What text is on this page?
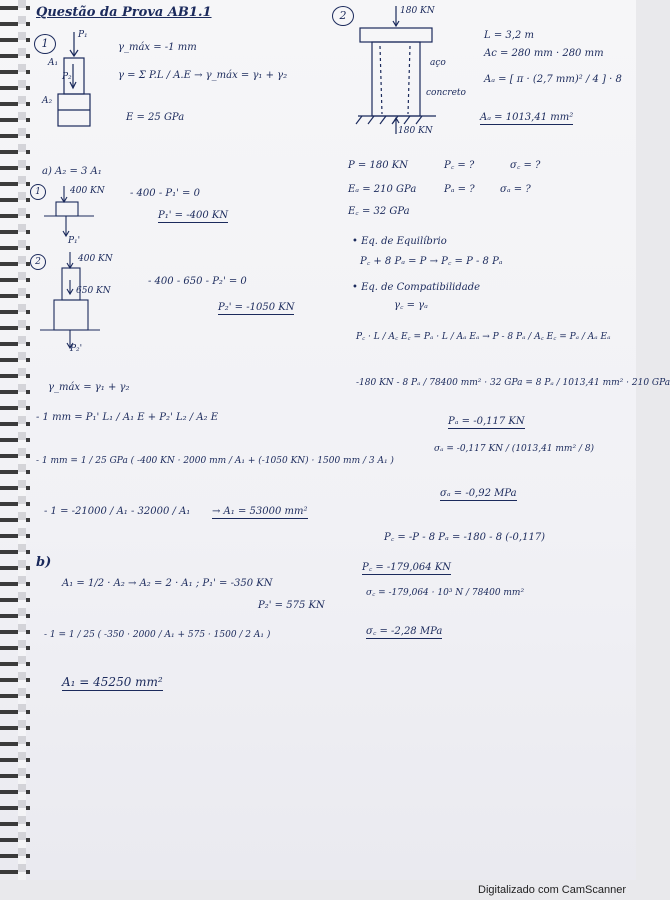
Questão da Prova AB1.1
1
P₁
A₁
P₂
A₂
γ_máx = -1 mm
γ = Σ P.L / A.E → γ_máx = γ₁ + γ₂
E = 25 GPa
a) A₂ = 3 A₁
1	400 KN
P₁'
- 400 - P₁' = 0
P₁' = -400 KN
2	400 KN
650 KN
P₂'
- 400 - 650 - P₂' = 0
P₂' = -1050 KN
γ_máx = γ₁ + γ₂
- 1 mm = P₁' L₁ / A₁ E + P₂' L₂ / A₂ E
- 1 mm = 1 / 25 GPa ( -400 KN · 2000 mm / A₁ + (-1050 KN) · 1500 mm / 3 A₁ )
- 1 = -21000 / A₁ - 32000 / A₁ → A₁ = 53000 mm²
b)
A₁ = 1/2 · A₂ → A₂ = 2 · A₁ ; P₁' = -350 KN
P₂' = 575 KN
- 1 = 1 / 25 ( -350 · 2000 / A₁ + 575 · 1500 / 2 A₁ )
A₁ = 45250 mm²
2	180 KN
180 KN
aço
concreto
L = 3,2 m
Ac = 280 mm · 280 mm
Aₐ = [ π · (2,7 mm)² / 4 ] · 8
Aₐ = 1013,41 mm²
P = 180 KN	P꜀ = ?	σ꜀ = ?
Eₐ = 210 GPa	Pₐ = ?	σₐ = ?
E꜀ = 32 GPa
• Eq. de Equilíbrio
P꜀ + 8 Pₐ = P → P꜀ = P - 8 Pₐ
• Eq. de Compatibilidade
γ꜀ = γₐ
P꜀ · L / A꜀ E꜀ = Pₐ · L / Aₐ Eₐ → P - 8 Pₐ / A꜀ E꜀ = Pₐ / Aₐ Eₐ
-180 KN - 8 Pₐ / 78400 mm² · 32 GPa = 8 Pₐ / 1013,41 mm² · 210 GPa
Pₐ = -0,117 KN
σₐ = -0,117 KN / (1013,41 mm² / 8)
σₐ = -0,92 MPa
P꜀ = -P - 8 Pₐ = -180 - 8 (-0,117)
P꜀ = -179,064 KN
σ꜀ = -179,064 · 10³ N / 78400 mm²
σ꜀ = -2,28 MPa
Digitalizado com CamScanner
